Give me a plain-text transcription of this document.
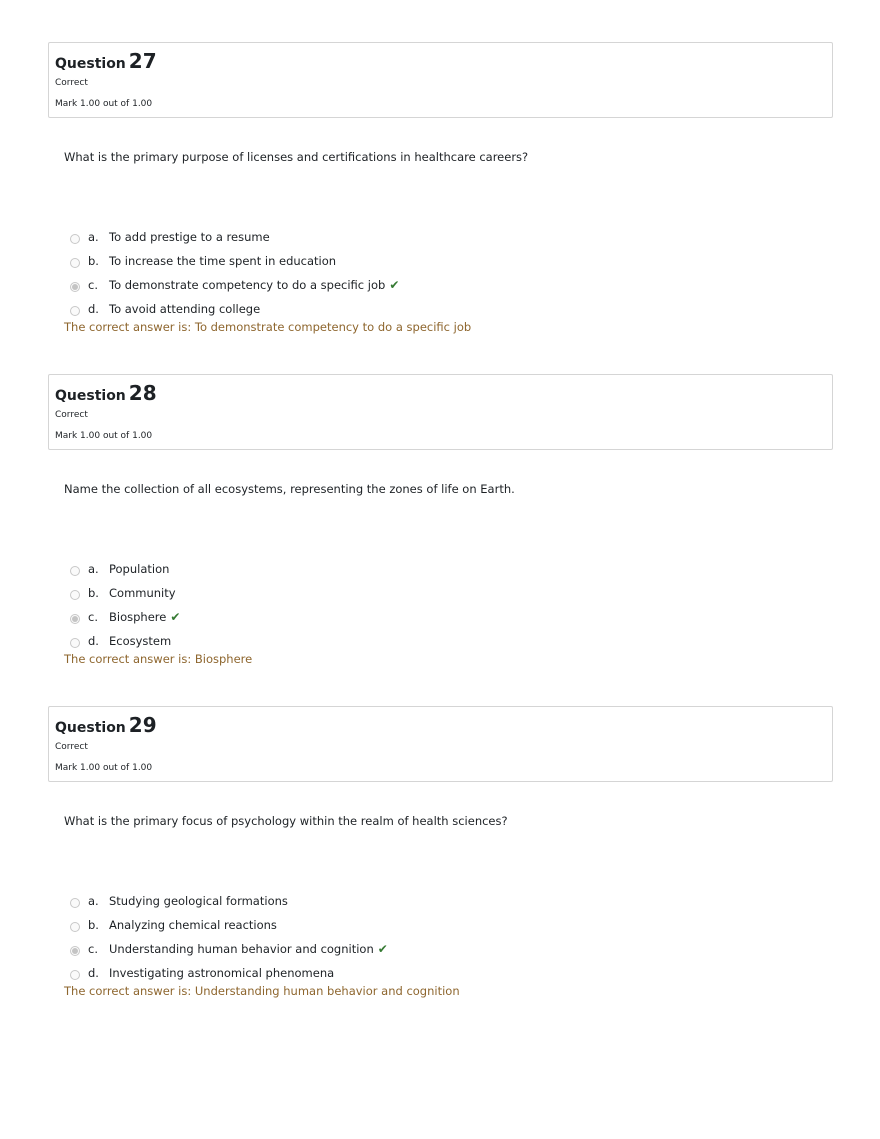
Question 27
Correct
Mark 1.00 out of 1.00
What is the primary purpose of licenses and certifications in healthcare careers?
a. To add prestige to a resume
b. To increase the time spent in education
c. To demonstrate competency to do a specific job ✔
d. To avoid attending college
The correct answer is: To demonstrate competency to do a specific job
Question 28
Correct
Mark 1.00 out of 1.00
Name the collection of all ecosystems, representing the zones of life on Earth.
a. Population
b. Community
c. Biosphere ✔
d. Ecosystem
The correct answer is: Biosphere
Question 29
Correct
Mark 1.00 out of 1.00
What is the primary focus of psychology within the realm of health sciences?
a. Studying geological formations
b. Analyzing chemical reactions
c. Understanding human behavior and cognition ✔
d. Investigating astronomical phenomena
The correct answer is: Understanding human behavior and cognition
